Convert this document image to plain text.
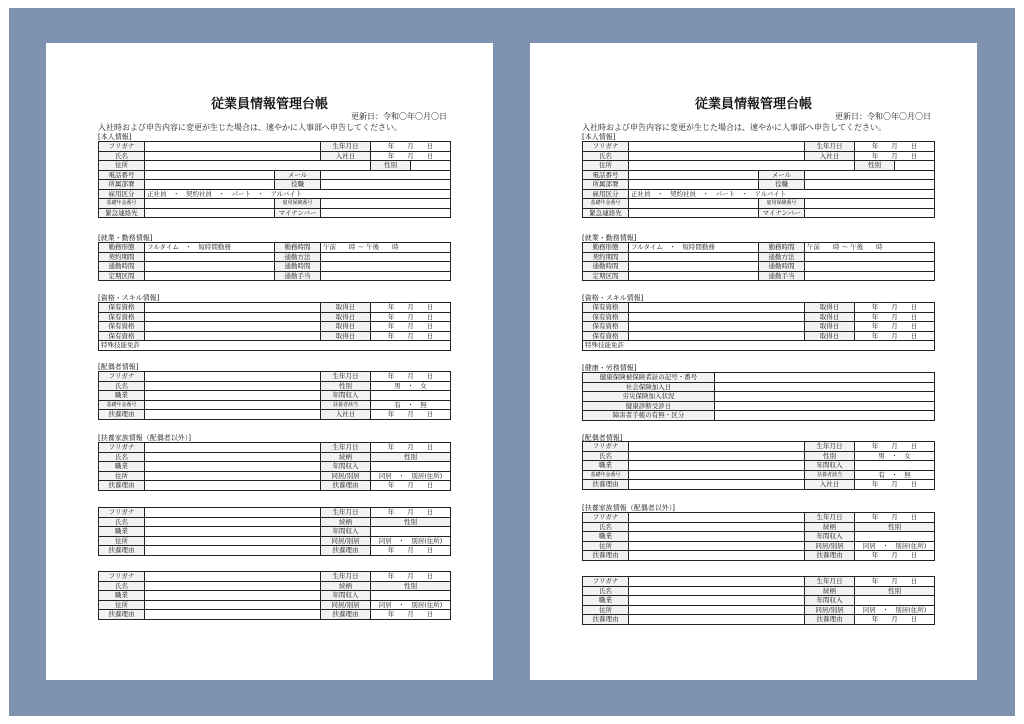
従業員情報管理台帳
更新日：令和〇年〇月〇日
入社時および申告内容に変更が生じた場合は、速やかに人事部へ申告してください。
[本人情報]
フリガナ			生年月日	年　　月　　日	
氏名			入社日	年　　月　　日	
住所				性別	
電話番号		メール			
所属部署		役職			
雇用区分	正社員　・　契約社員　・　パート　・　アルバイト				
基礎年金番号		雇用保険番号			
緊急連絡先		マイナンバー			
[就業・勤務情報]
勤務形態	フルタイム　・　短時間勤務	勤務時間	午前　　時 〜 午後　　時
契約期間		通勤方法	
通勤時間		通勤時間	
定期区間		通勤手当	
[資格・スキル情報]
保有資格		取得日	年　　月　　日
保有資格		取得日	年　　月　　日
保有資格		取得日	年　　月　　日
保有資格		取得日	年　　月　　日
特殊技能免許			
[配偶者情報]
フリガナ		生年月日	年　　月　　日
氏名		性別	男　・　女
職業		年間収入	
基礎年金番号		扶養者該当	有　・　無
扶養理由		入社日	年　　月　　日
[扶養家族情報（配偶者以外）]
フリガナ		生年月日	年　　月　　日
氏名		続柄	性別
職業		年間収入	
住所		同居/別居	同居　・　別居(住所)
扶養理由		扶養理由	年　　月　　日
フリガナ		生年月日	年　　月　　日
氏名		続柄	性別
職業		年間収入	
住所		同居/別居	同居　・　別居(住所)
扶養理由		扶養理由	年　　月　　日
フリガナ		生年月日	年　　月　　日
氏名		続柄	性別
職業		年間収入	
住所		同居/別居	同居　・　別居(住所)
扶養理由		扶養理由	年　　月　　日
従業員情報管理台帳
更新日：令和〇年〇月〇日
入社時および申告内容に変更が生じた場合は、速やかに人事部へ申告してください。
[本人情報]
フリガナ			生年月日	年　　月　　日	
氏名			入社日	年　　月　　日	
住所				性別	
電話番号		メール			
所属部署		役職			
雇用区分	正社員　・　契約社員　・　パート　・　アルバイト				
基礎年金番号		雇用保険番号			
緊急連絡先		マイナンバー			
[就業・勤務情報]
勤務形態	フルタイム　・　短時間勤務	勤務時間	午前　　時 〜 午後　　時
契約期間		通勤方法	
通勤時間		通勤時間	
定期区間		通勤手当	
[資格・スキル情報]
保有資格		取得日	年　　月　　日
保有資格		取得日	年　　月　　日
保有資格		取得日	年　　月　　日
保有資格		取得日	年　　月　　日
特殊技能免許			
[健康・労務情報]
健康保険被保険者証の記号・番号	
社会保険加入日	
労災保険加入状況	
健康診断受診日	
障害者手帳の有無・区分	
[配偶者情報]
フリガナ		生年月日	年　　月　　日
氏名		性別	男　・　女
職業		年間収入	
基礎年金番号		扶養者該当	有　・　無
扶養理由		入社日	年　　月　　日
[扶養家族情報（配偶者以外）]
フリガナ		生年月日	年　　月　　日
氏名		続柄	性別
職業		年間収入	
住所		同居/別居	同居　・　別居(住所)
扶養理由		扶養理由	年　　月　　日
フリガナ		生年月日	年　　月　　日
氏名		続柄	性別
職業		年間収入	
住所		同居/別居	同居　・　別居(住所)
扶養理由		扶養理由	年　　月　　日
